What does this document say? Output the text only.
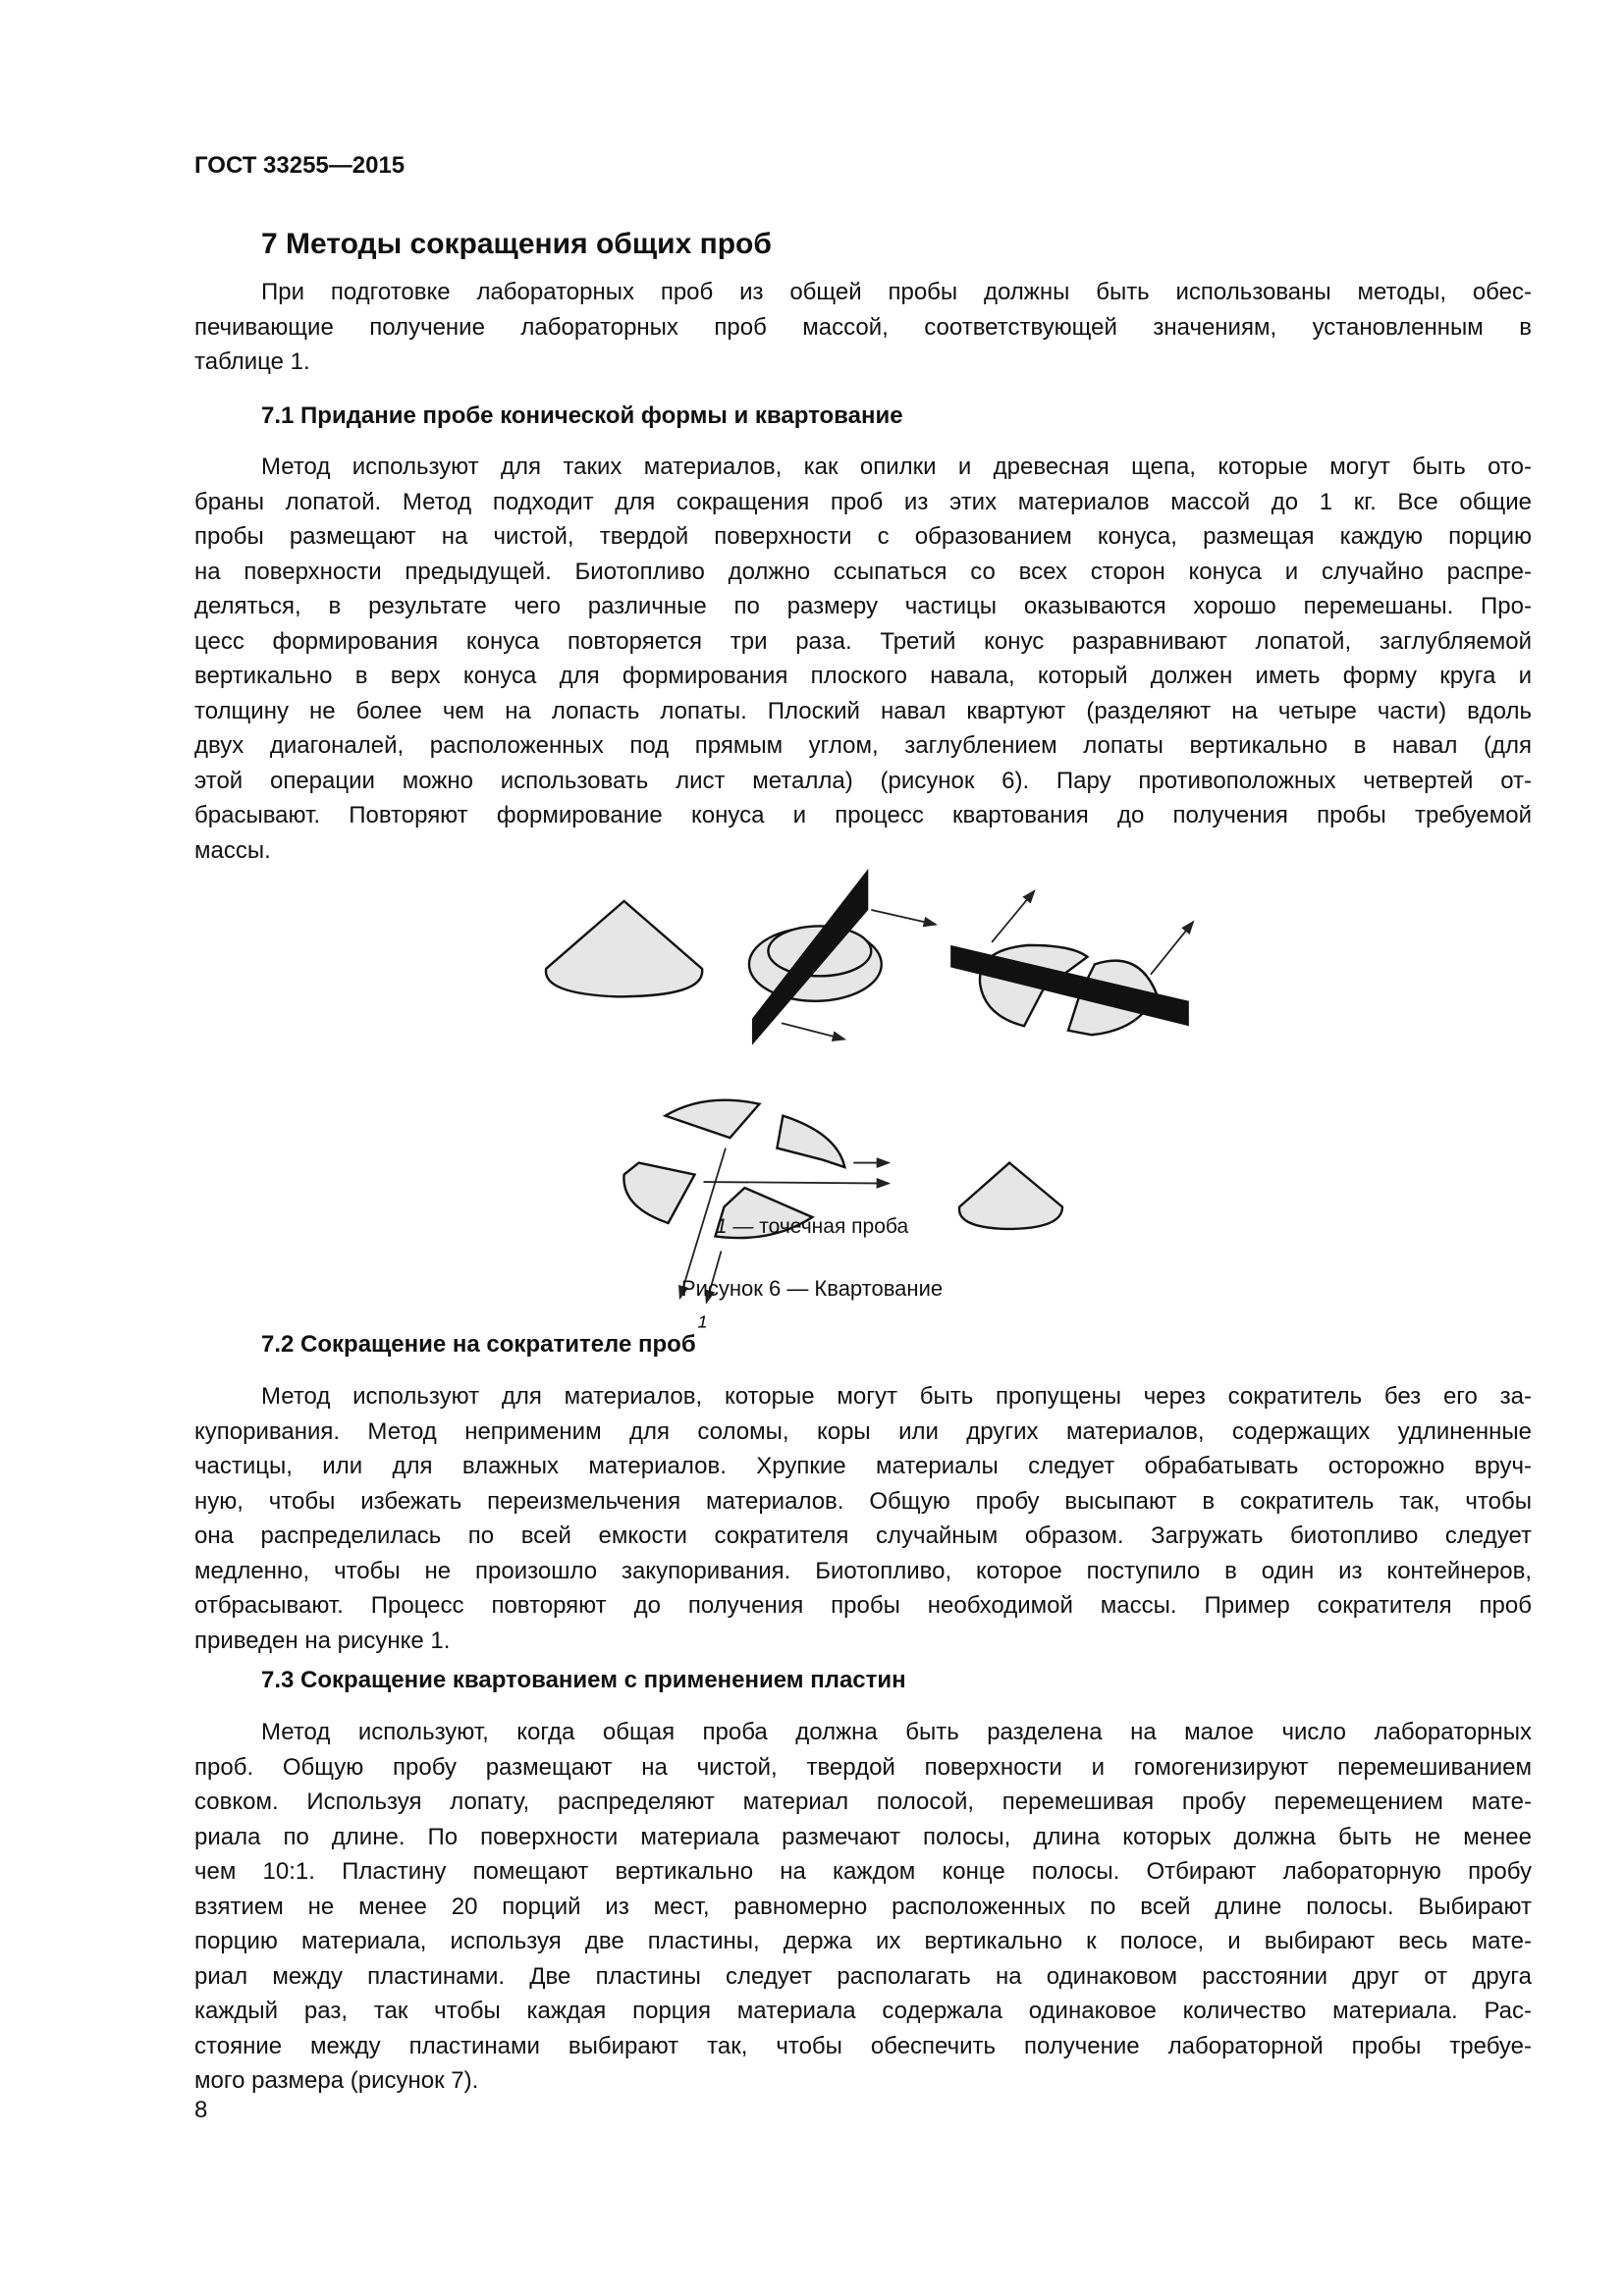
ГОСТ 33255—2015
7 Методы сокращения общих проб
При подготовке лабораторных проб из общей пробы должны быть использованы методы, обес-
печивающие получение лабораторных проб массой, соответствующей значениям, установленным в
таблице 1.
7.1 Придание пробе конической формы и квартование
Метод используют для таких материалов, как опилки и древесная щепа, которые могут быть ото-
браны лопатой. Метод подходит для сокращения проб из этих материалов массой до 1 кг. Все общие
пробы размещают на чистой, твердой поверхности с образованием конуса, размещая каждую порцию
на поверхности предыдущей. Биотопливо должно ссыпаться со всех сторон конуса и случайно распре-
деляться, в результате чего различные по размеру частицы оказываются хорошо перемешаны. Про-
цесс формирования конуса повторяется три раза. Третий конус разравнивают лопатой, заглубляемой
вертикально в верх конуса для формирования плоского навала, который должен иметь форму круга и
толщину не более чем на лопасть лопаты. Плоский навал квартуют (разделяют на четыре части) вдоль
двух диагоналей, расположенных под прямым углом, заглублением лопаты вертикально в навал (для
этой операции можно использовать лист металла) (рисунок 6). Пару противоположных четвертей от-
брасывают. Повторяют формирование конуса и процесс квартования до получения пробы требуемой
массы.
1
1 — точечная проба
Рисунок 6 — Квартование
7.2 Сокращение на сократителе проб
Метод используют для материалов, которые могут быть пропущены через сократитель без его за-
купоривания. Метод неприменим для соломы, коры или других материалов, содержащих удлиненные
частицы, или для влажных материалов. Хрупкие материалы следует обрабатывать осторожно вруч-
ную, чтобы избежать переизмельчения материалов. Общую пробу высыпают в сократитель так, чтобы
она распределилась по всей емкости сократителя случайным образом. Загружать биотопливо следует
медленно, чтобы не произошло закупоривания. Биотопливо, которое поступило в один из контейнеров,
отбрасывают. Процесс повторяют до получения пробы необходимой массы. Пример сократителя проб
приведен на рисунке 1.
7.3 Сокращение квартованием с применением пластин
Метод используют, когда общая проба должна быть разделена на малое число лабораторных
проб. Общую пробу размещают на чистой, твердой поверхности и гомогенизируют перемешиванием
совком. Используя лопату, распределяют материал полосой, перемешивая пробу перемещением мате-
риала по длине. По поверхности материала размечают полосы, длина которых должна быть не менее
чем 10:1. Пластину помещают вертикально на каждом конце полосы. Отбирают лабораторную пробу
взятием не менее 20 порций из мест, равномерно расположенных по всей длине полосы. Выбирают
порцию материала, используя две пластины, держа их вертикально к полосе, и выбирают весь мате-
риал между пластинами. Две пластины следует располагать на одинаковом расстоянии друг от друга
каждый раз, так чтобы каждая порция материала содержала одинаковое количество материала. Рас-
стояние между пластинами выбирают так, чтобы обеспечить получение лабораторной пробы требуе-
мого размера (рисунок 7).
8
